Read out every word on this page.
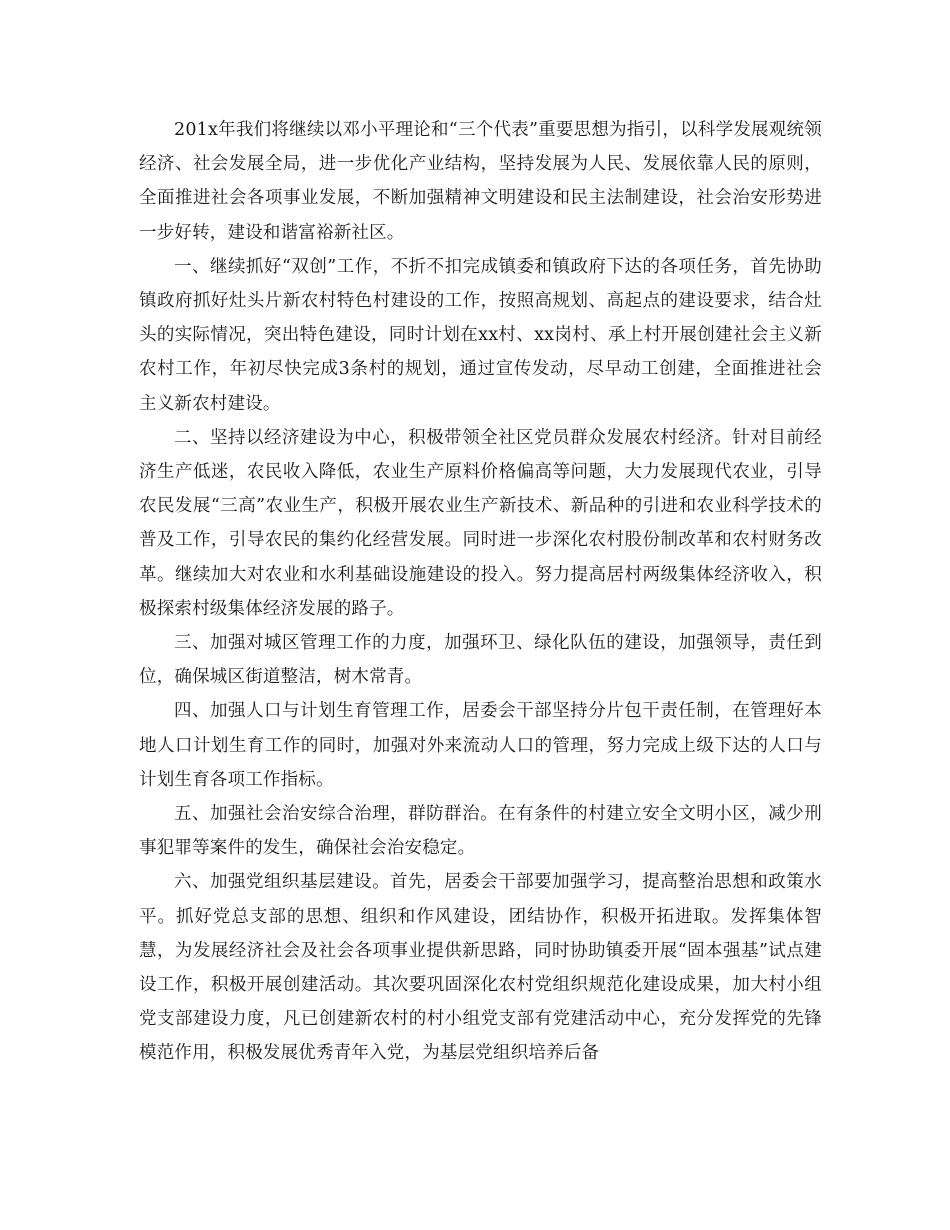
201x年我们将继续以邓小平理论和“三个代表”重要思想为指引，以科学发展观统领经济、社会发展全局，进一步优化产业结构，坚持发展为人民、发展依靠人民的原则，全面推进社会各项事业发展，不断加强精神文明建设和民主法制建设，社会治安形势进一步好转，建设和谐富裕新社区。

一、继续抓好“双创”工作，不折不扣完成镇委和镇政府下达的各项任务，首先协助镇政府抓好灶头片新农村特色村建设的工作，按照高规划、高起点的建设要求，结合灶头的实际情况，突出特色建设，同时计划在xx村、xx岗村、承上村开展创建社会主义新农村工作，年初尽快完成3条村的规划，通过宣传发动，尽早动工创建，全面推进社会主义新农村建设。

二、坚持以经济建设为中心，积极带领全社区党员群众发展农村经济。针对目前经济生产低迷，农民收入降低，农业生产原料价格偏高等问题，大力发展现代农业，引导农民发展“三高”农业生产，积极开展农业生产新技术、新品种的引进和农业科学技术的普及工作，引导农民的集约化经营发展。同时进一步深化农村股份制改革和农村财务改革。继续加大对农业和水利基础设施建设的投入。努力提高居村两级集体经济收入，积极探索村级集体经济发展的路子。

三、加强对城区管理工作的力度，加强环卫、绿化队伍的建设，加强领导，责任到位，确保城区街道整洁，树木常青。

四、加强人口与计划生育管理工作，居委会干部坚持分片包干责任制，在管理好本地人口计划生育工作的同时，加强对外来流动人口的管理，努力完成上级下达的人口与计划生育各项工作指标。

五、加强社会治安综合治理，群防群治。在有条件的村建立安全文明小区，减少刑事犯罪等案件的发生，确保社会治安稳定。

六、加强党组织基层建设。首先，居委会干部要加强学习，提高整治思想和政策水平。抓好党总支部的思想、组织和作风建设，团结协作，积极开拓进取。发挥集体智慧，为发展经济社会及社会各项事业提供新思路，同时协助镇委开展“固本强基”试点建设工作，积极开展创建活动。其次要巩固深化农村党组织规范化建设成果，加大村小组党支部建设力度，凡已创建新农村的村小组党支部有党建活动中心，充分发挥党的先锋模范作用，积极发展优秀青年入党，为基层党组织培养后备
